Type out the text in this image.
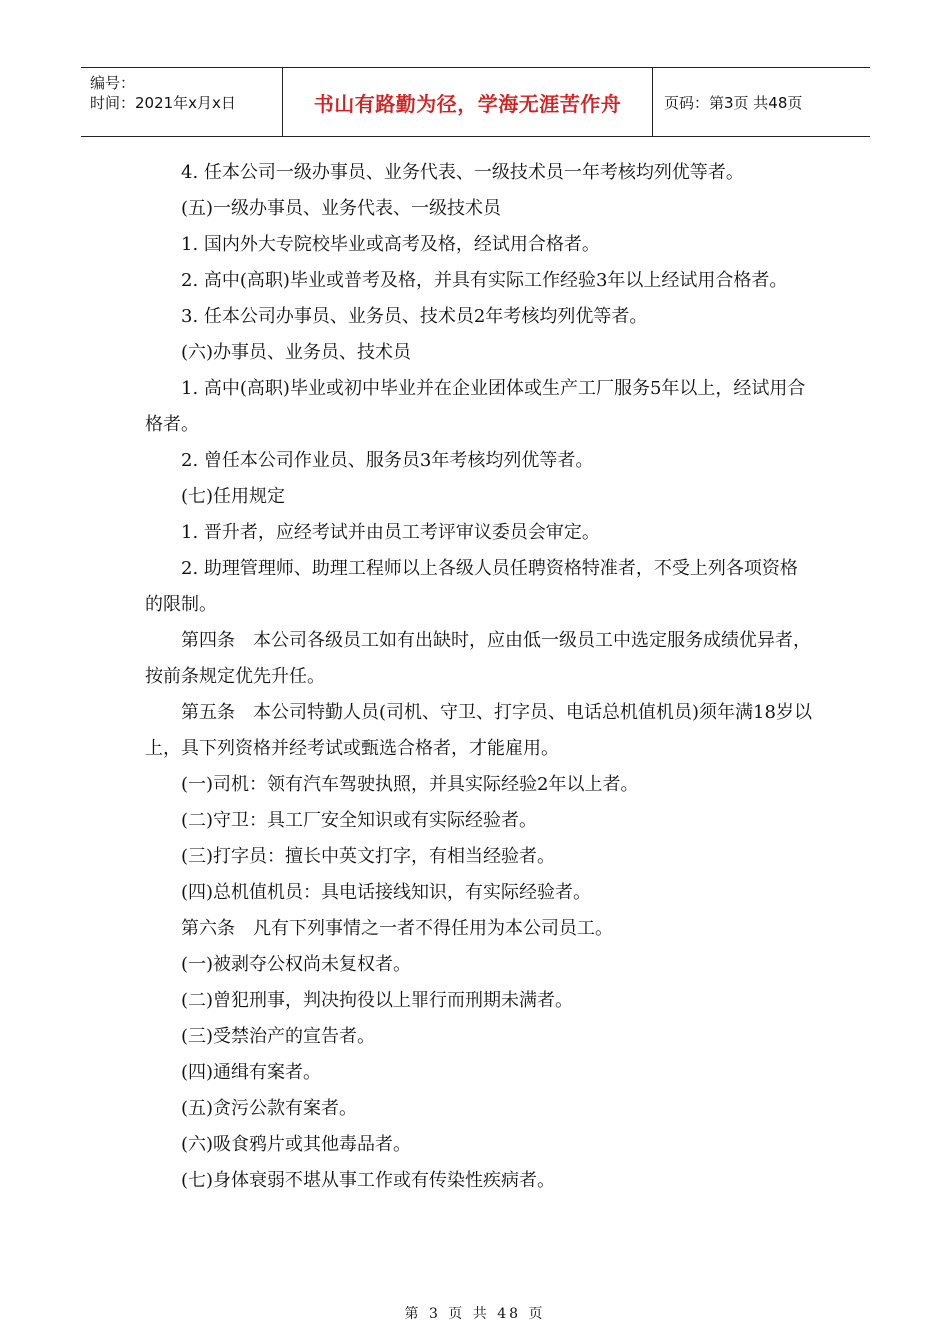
编号：
时间：2021年x月x日	书山有路勤为径，学海无涯苦作舟	页码：第3页 共48页

4. 任本公司一级办事员、业务代表、一级技术员一年考核均列优等者。

(五)一级办事员、业务代表、一级技术员

1. 国内外大专院校毕业或高考及格，经试用合格者。

2. 高中(高职)毕业或普考及格，并具有实际工作经验3年以上经试用合格者。

3. 任本公司办事员、业务员、技术员2年考核均列优等者。

(六)办事员、业务员、技术员

1. 高中(高职)毕业或初中毕业并在企业团体或生产工厂服务5年以上，经试用合格者。

2. 曾任本公司作业员、服务员3年考核均列优等者。

(七)任用规定

1. 晋升者，应经考试并由员工考评审议委员会审定。

2. 助理管理师、助理工程师以上各级人员任聘资格特准者，不受上列各项资格的限制。

第四条　本公司各级员工如有出缺时，应由低一级员工中选定服务成绩优异者，按前条规定优先升任。

第五条　本公司特勤人员(司机、守卫、打字员、电话总机值机员)须年满18岁以上，具下列资格并经考试或甄选合格者，才能雇用。

(一)司机：领有汽车驾驶执照，并具实际经验2年以上者。

(二)守卫：具工厂安全知识或有实际经验者。

(三)打字员：擅长中英文打字，有相当经验者。

(四)总机值机员：具电话接线知识，有实际经验者。

第六条　凡有下列事情之一者不得任用为本公司员工。

(一)被剥夺公权尚未复权者。

(二)曾犯刑事，判决拘役以上罪行而刑期未满者。

(三)受禁治产的宣告者。

(四)通缉有案者。

(五)贪污公款有案者。

(六)吸食鸦片或其他毒品者。

(七)身体衰弱不堪从事工作或有传染性疾病者。

第 3 页 共 48 页
